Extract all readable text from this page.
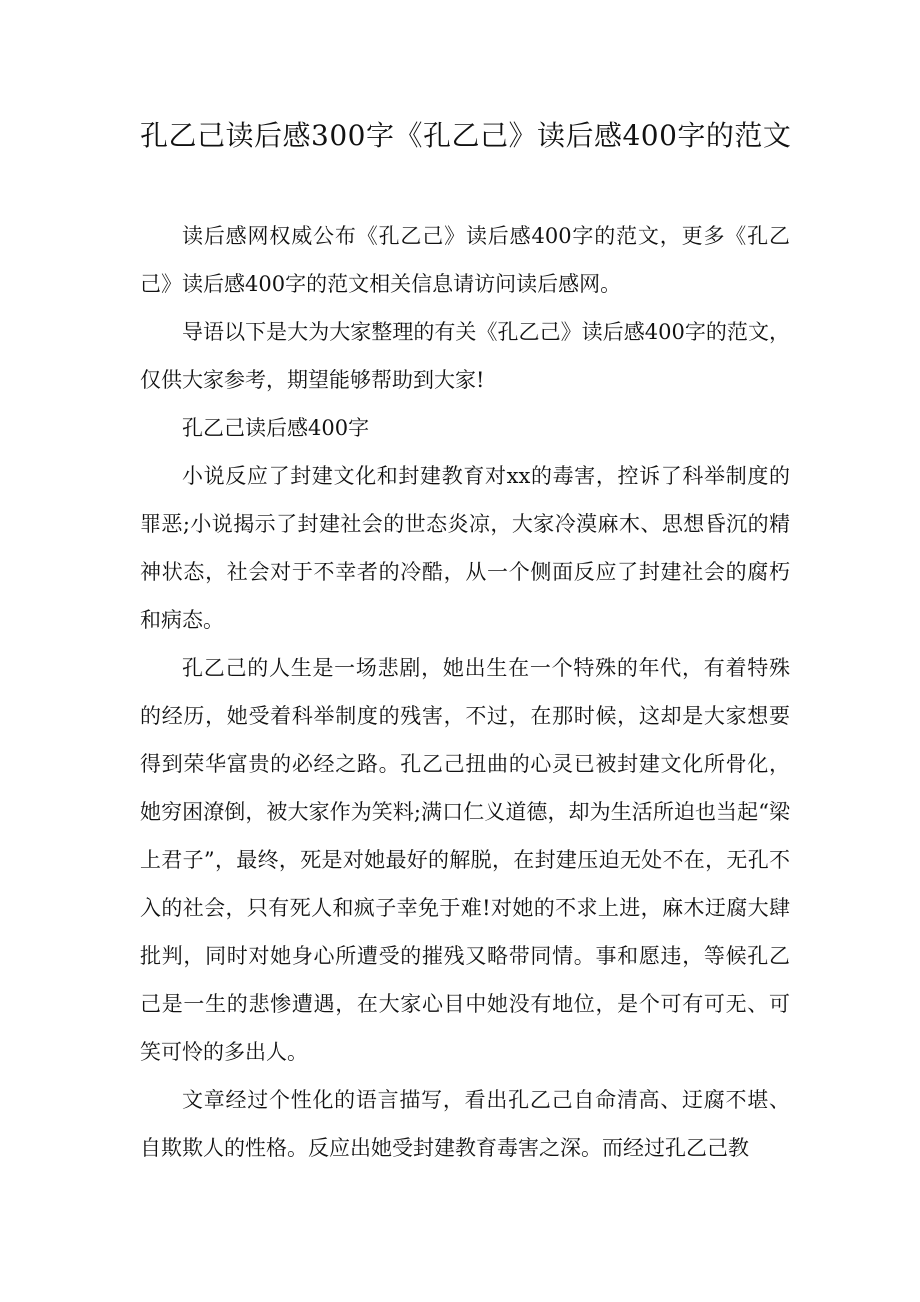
孔乙己读后感300字《孔乙己》读后感400字的范文

读后感网权威公布《孔乙己》读后感400字的范文，更多《孔乙己》读后感400字的范文相关信息请访问读后感网。

导语以下是大为大家整理的有关《孔乙己》读后感400字的范文，仅供大家参考，期望能够帮助到大家!

孔乙己读后感400字

小说反应了封建文化和封建教育对xx的毒害，控诉了科举制度的罪恶;小说揭示了封建社会的世态炎凉，大家冷漠麻木、思想昏沉的精神状态，社会对于不幸者的冷酷，从一个侧面反应了封建社会的腐朽和病态。

孔乙己的人生是一场悲剧，她出生在一个特殊的年代，有着特殊的经历，她受着科举制度的残害，不过，在那时候，这却是大家想要得到荣华富贵的必经之路。孔乙己扭曲的心灵已被封建文化所骨化，她穷困潦倒，被大家作为笑料;满口仁义道德，却为生活所迫也当起“梁上君子”，最终，死是对她最好的解脱，在封建压迫无处不在，无孔不入的社会，只有死人和疯子幸免于难!对她的不求上进，麻木迂腐大肆批判，同时对她身心所遭受的摧残又略带同情。事和愿违，等候孔乙己是一生的悲惨遭遇，在大家心目中她没有地位，是个可有可无、可笑可怜的多出人。

文章经过个性化的语言描写，看出孔乙己自命清高、迂腐不堪、自欺欺人的性格。反应出她受封建教育毒害之深。而经过孔乙己教
